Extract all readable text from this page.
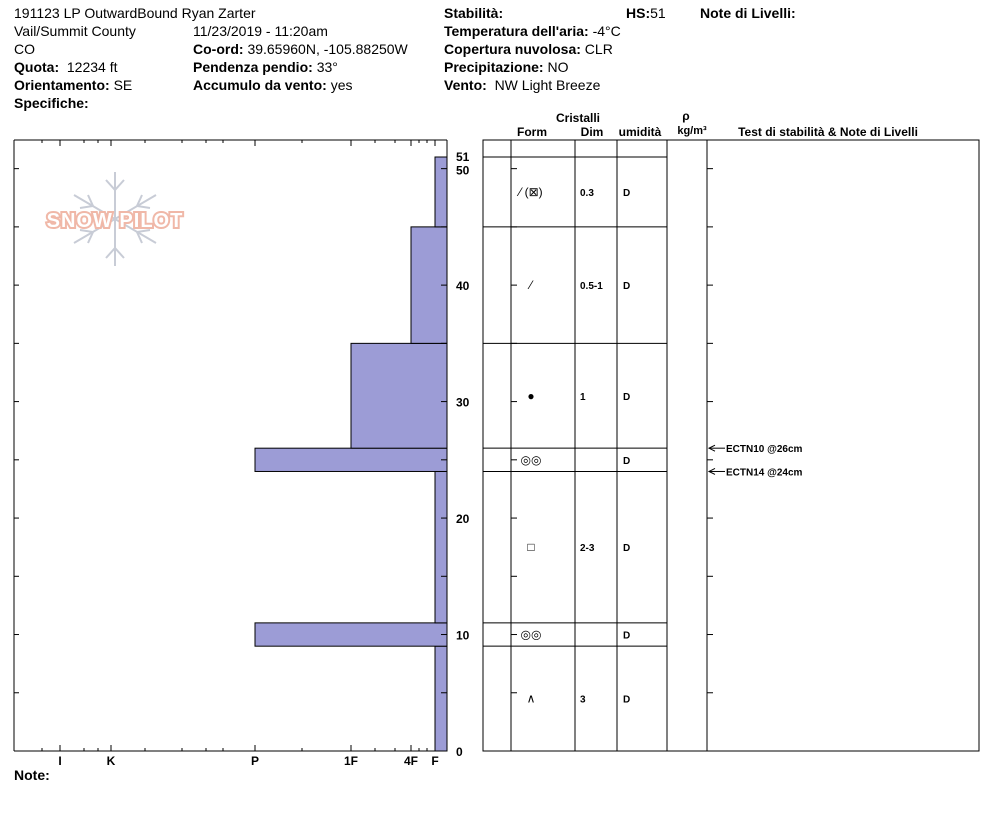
191123 LP OutwardBound Ryan Zarter
Vail/Summit County
CO
Quota: 12234 ft
Orientamento: SE
Specifiche:
11/23/2019 - 11:20am
Co-ord: 39.65960N, -105.88250W
Pendenza pendio: 33°
Accumulo da vento: yes
Stabilità:	HS:51
Temperatura dell'aria: -4°C
Copertura nuvolosa: CLR
Precipitazione: NO
Vento: NW Light Breeze
Note di Livelli:
Note:
SNOW PILOT
Cristalli
Form	Dim umidità
ρ
kg/m³	Test di stabilità & Note di Livelli
0
10
20
30
40
50
51
I	K	P	1F	4F F
⁄ (⊠)	0.3	D
⁄	0.5-1 D
●	1	D
◎◎	D
□	2-3	D
◎◎	D
∧	3	D
ECTN10 @26cm
ECTN14 @24cm
